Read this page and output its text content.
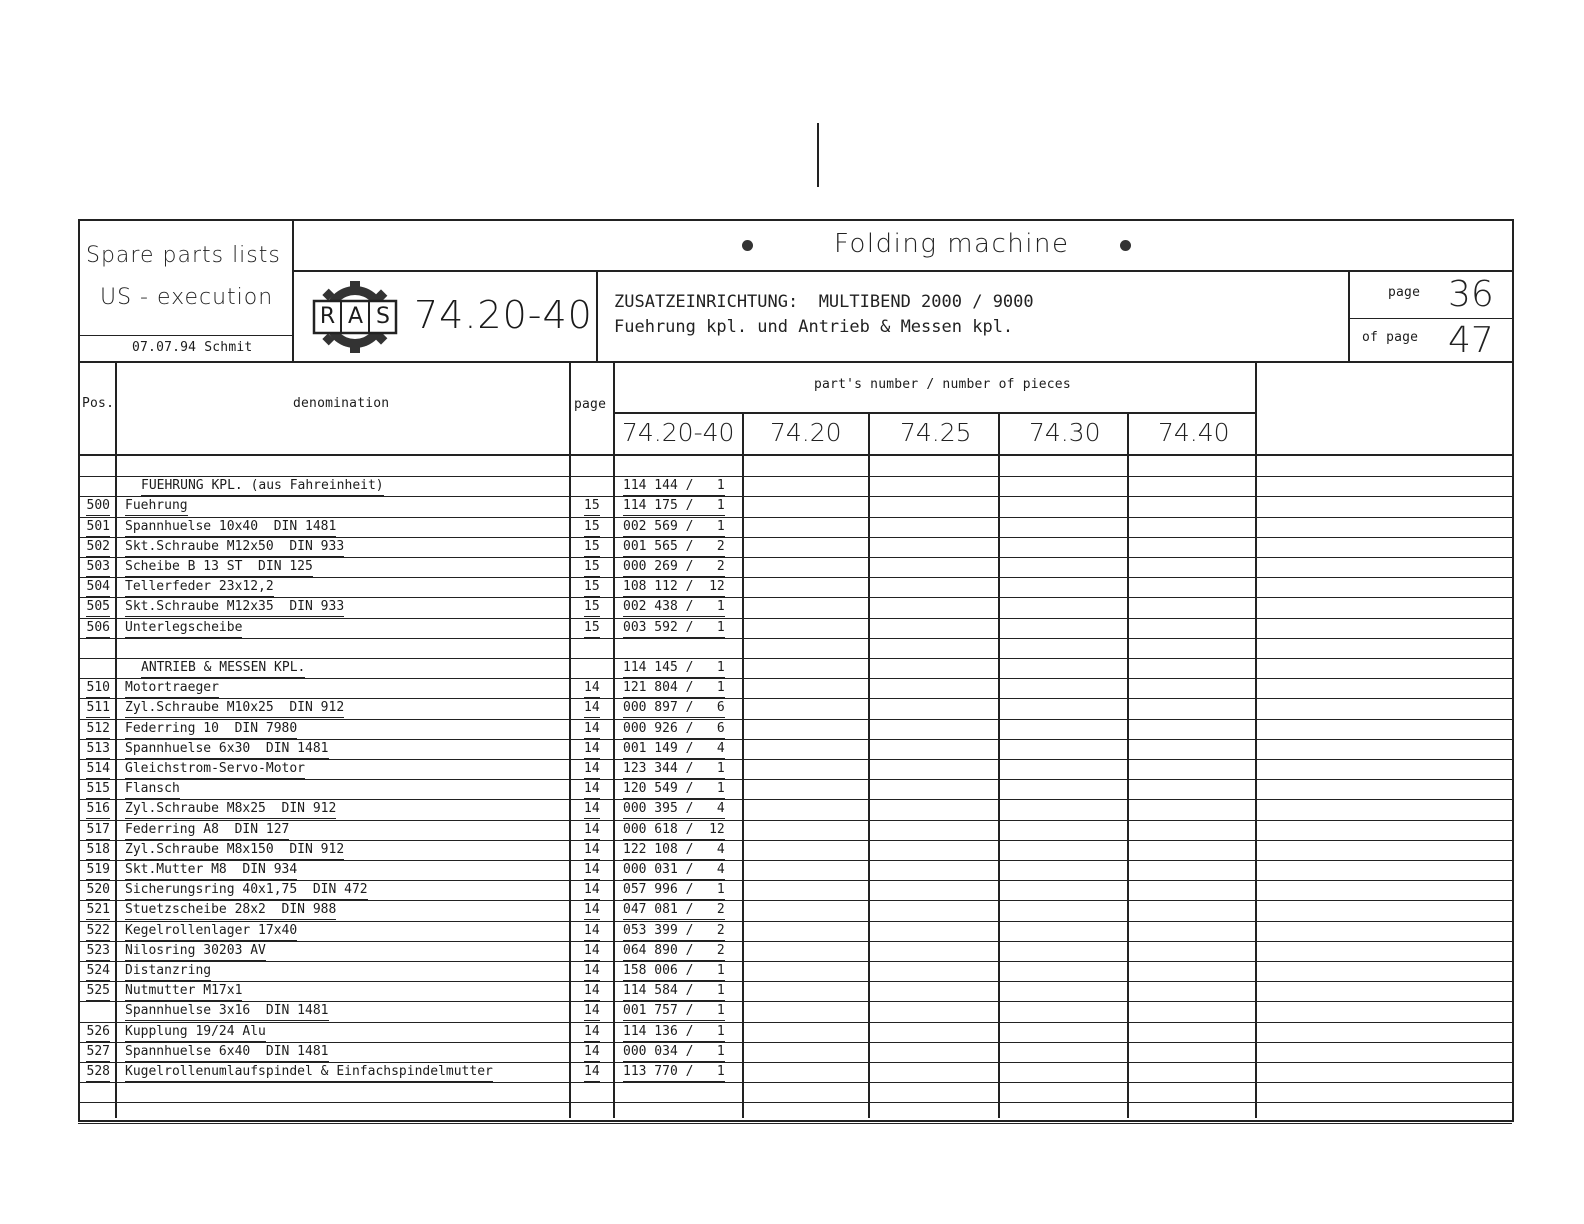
Spare parts lists
US - execution
07.07.94 Schmit
Folding machine
R A S 74.20-40 ZUSATZEINRICHTUNG:  MULTIBEND 2000 / 9000
Fuehrung kpl. und Antrieb & Messen kpl.
page 36
of page 47
Pos.	denomination	page
part's number / number of pieces
74.20-40 74.20 74.25 74.30 74.40
FUEHRUNG KPL. (aus Fahreinheit)	114 144 /   1
500 Fuehrung	15 114 175 /   1
501 Spannhuelse 10x40  DIN 1481	15 002 569 /   1
502 Skt.Schraube M12x50  DIN 933	15 001 565 /   2
503 Scheibe B 13 ST  DIN 125	15 000 269 /   2
504 Tellerfeder 23x12,2	15 108 112 /  12
505 Skt.Schraube M12x35  DIN 933	15 002 438 /   1
506 Unterlegscheibe	15 003 592 /   1
ANTRIEB & MESSEN KPL.	114 145 /   1
510 Motortraeger	14 121 804 /   1
511 Zyl.Schraube M10x25  DIN 912	14 000 897 /   6
512 Federring 10  DIN 7980	14 000 926 /   6
513 Spannhuelse 6x30  DIN 1481	14 001 149 /   4
514 Gleichstrom-Servo-Motor	14 123 344 /   1
515 Flansch	14 120 549 /   1
516 Zyl.Schraube M8x25  DIN 912	14 000 395 /   4
517 Federring A8  DIN 127	14 000 618 /  12
518 Zyl.Schraube M8x150  DIN 912	14 122 108 /   4
519 Skt.Mutter M8  DIN 934	14 000 031 /   4
520 Sicherungsring 40x1,75  DIN 472	14 057 996 /   1
521 Stuetzscheibe 28x2  DIN 988	14 047 081 /   2
522 Kegelrollenlager 17x40	14 053 399 /   2
523 Nilosring 30203 AV	14 064 890 /   2
524 Distanzring	14 158 006 /   1
525 Nutmutter M17x1	14 114 584 /   1
Spannhuelse 3x16  DIN 1481	14 001 757 /   1
526 Kupplung 19/24 Alu	14 114 136 /   1
527 Spannhuelse 6x40  DIN 1481	14 000 034 /   1
528 Kugelrollenumlaufspindel & Einfachspindelmutter	14 113 770 /   1
